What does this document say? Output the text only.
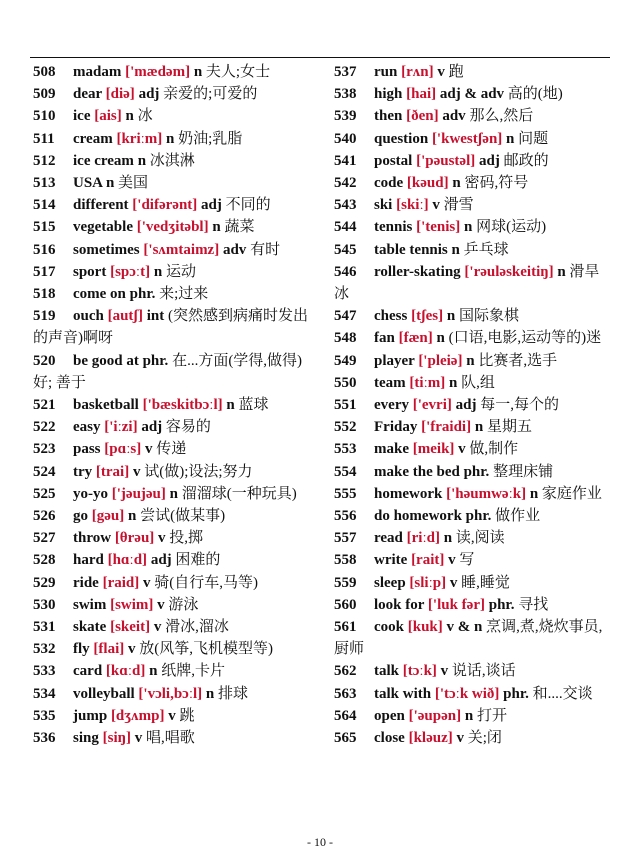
508 madam ['mædəm] n 夫人;女士
509 dear [diə] adj 亲爱的;可爱的
510 ice [ais] n 冰
511 cream [kriːm] n 奶油;乳脂
512 ice cream n 冰淇淋
513 USA n 美国
514 different ['difərənt] adj 不同的
515 vegetable ['vedʒitəbl] n 蔬菜
516 sometimes ['sʌmtaimz] adv 有时
517 sport [spɔːt] n 运动
518 come on phr. 来;过来
519 ouch [autʃ] int (突然感到病痛时发出的声音)啊呀
520 be good at phr. 在...方面(学得,做得)好; 善于
521 basketball ['bæskitbɔːl] n 蓝球
522 easy ['iːzi] adj 容易的
523 pass [pɑːs] v 传递
524 try [trai] v 试(做);设法;努力
525 yo-yo ['jəujəu] n 溜溜球(一种玩具)
526 go [gəu] n 尝试(做某事)
527 throw [θrəu] v 投,掷
528 hard [hɑːd] adj 困难的
529 ride [raid] v 骑(自行车,马等)
530 swim [swim] v 游泳
531 skate [skeit] v 滑冰,溜冰
532 fly [flai] v 放(风筝,飞机模型等)
533 card [kɑːd] n 纸牌,卡片
534 volleyball ['vɔli,bɔːl] n 排球
535 jump [dʒʌmp] v 跳
536 sing [siŋ] v 唱,唱歌
537 run [rʌn] v 跑
538 high [hai] adj & adv 高的(地)
539 then [ðen] adv 那么,然后
540 question ['kwestʃən] n 问题
541 postal ['pəustəl] adj 邮政的
542 code [kəud] n 密码,符号
543 ski [skiː] v 滑雪
544 tennis ['tenis] n 网球(运动)
545 table tennis n 乒乓球
546 roller-skating ['rəuləskeitiŋ] n 滑旱冰
547 chess [tʃes] n 国际象棋
548 fan [fæn] n (口语,电影,运动等的)迷
549 player ['pleiə] n 比赛者,选手
550 team [tiːm] n 队,组
551 every ['evri] adj 每一,每个的
552 Friday ['fraidi] n 星期五
553 make [meik] v 做,制作
554 make the bed phr. 整理床铺
555 homework ['həumwəːk] n 家庭作业
556 do homework phr. 做作业
557 read [riːd] n 读,阅读
558 write [rait] v 写
559 sleep [sliːp] v 睡,睡觉
560 look for ['luk fər] phr. 寻找
561 cook [kuk] v & n 烹调,煮,烧炊事员,厨师
562 talk [tɔːk] v 说话,谈话
563 talk with ['tɔːk wið] phr. 和....交谈
564 open ['əupən] n 打开
565 close [kləuz] v 关;闭
- 10 -
